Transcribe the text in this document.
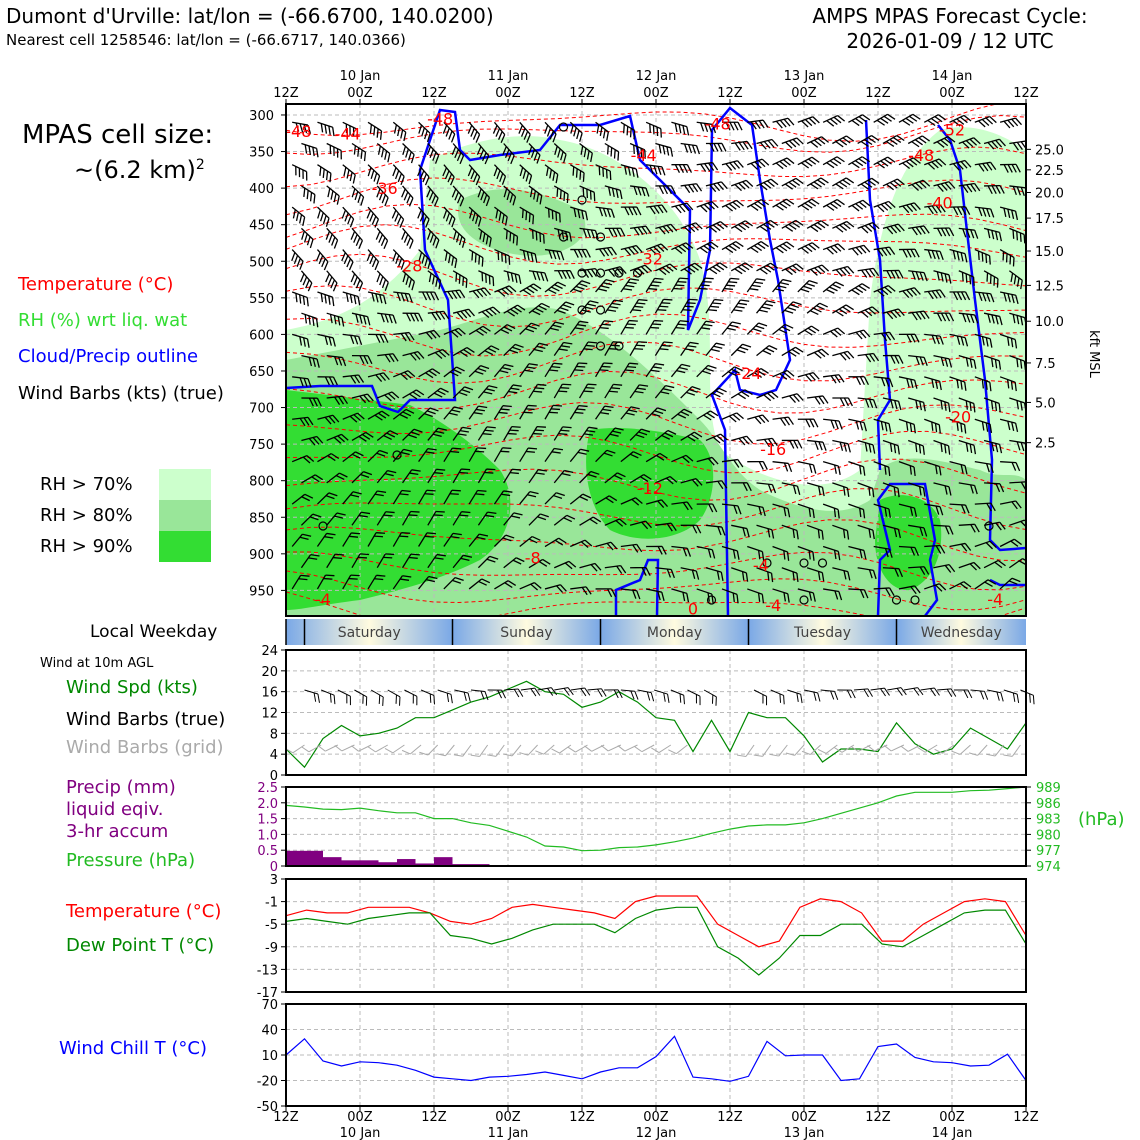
Dumont d'Urville: lat/lon = (-66.6700, 140.0200)
Nearest cell 1258546: lat/lon = (-66.6717, 140.0366)
AMPS MPAS Forecast Cycle:
2026-01-09 / 12 UTC
MPAS cell size:
~(6.2 km)$^2$
Temperature (°C)
RH (%) wrt liq. wat
Cloud/Precip outline
Wind Barbs (kts) (true)
RH > 70%
RH > 80%
RH > 90%
Local Weekday
Wind at 10m AGL
Wind Spd (kts)
Wind Barbs (true)
Wind Barbs (grid)
Precip (mm)
liquid eqiv.
3-hr accum
Pressure (hPa)
(hPa)
Temperature (°C)
Dew Point T (°C)
Wind Chill T (°C)
-48 -44
-48	-48
-44
-52
-48
-36
-40
-28	-32
-24
-20
-16
-12
-8	-4
-4
0	-4	-4
300
350
400
450
500
550
600
650
700
750
800
850
900
950
25.0
22.5
20.0
17.5
15.0
12.5
10.0
7.5
5.0
2.5
12Z	00Z	12Z	00Z	12Z	00Z	12Z	00Z	12Z	00Z	12Z
10 Jan	11 Jan	12 Jan	13 Jan	14 Jan
kft MSL
Saturday	Sunday	Monday	Tuesday	Wednesday
0
4
8
12
16
20
24
0
0.5
1.0
1.5
2.0
2.5
974
977
980
983
986
989
-17
-13
-9
-5
-1
3
-50
-20
10
40
70
12Z	00Z	12Z	00Z	12Z	00Z	12Z	00Z	12Z	00Z	12Z
10 Jan	11 Jan	12 Jan	13 Jan	14 Jan
